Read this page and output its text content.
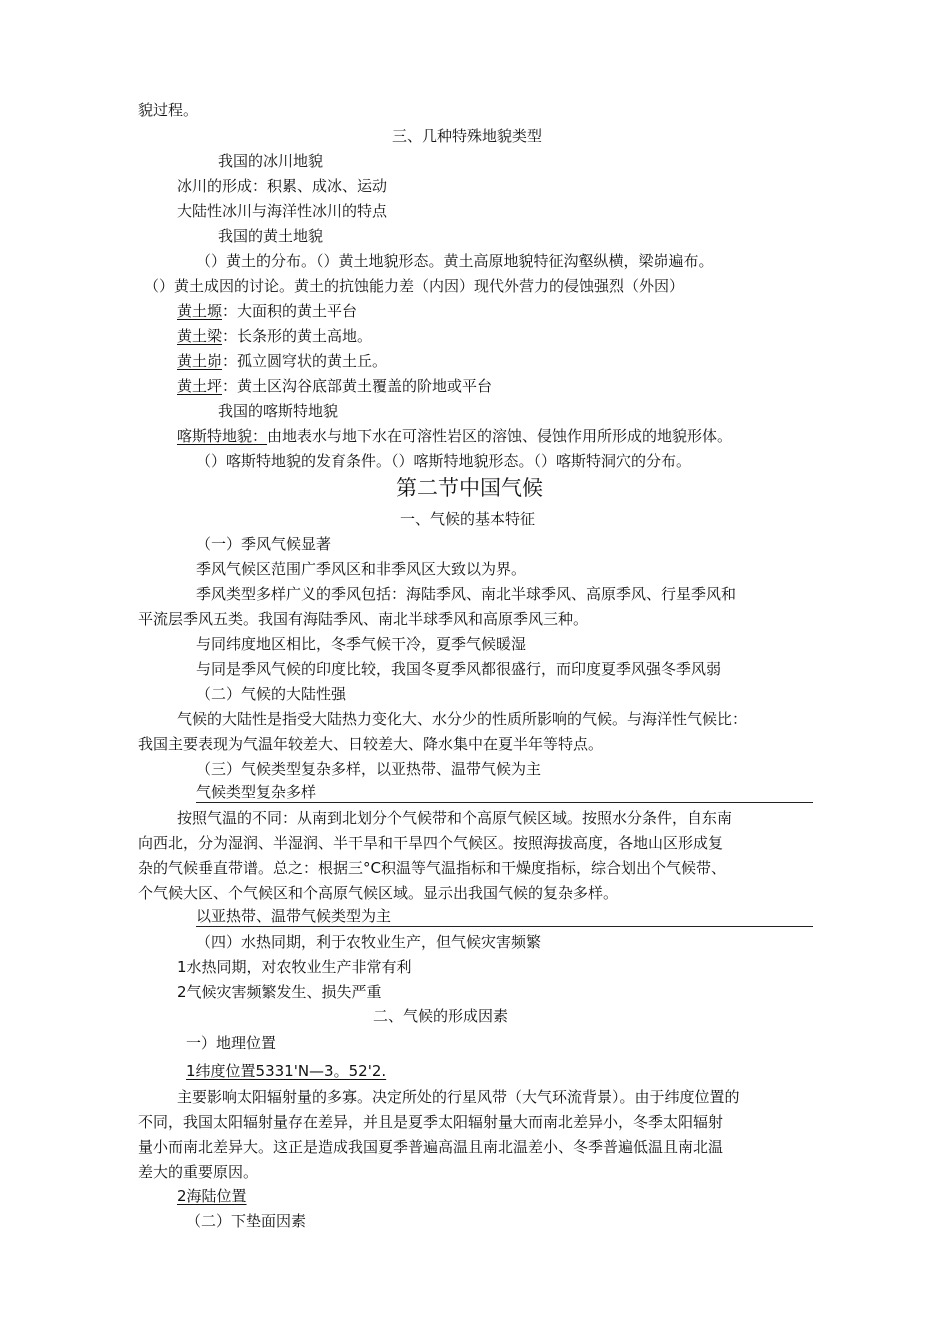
貌过程。
三、几种特殊地貌类型
我国的冰川地貌
冰川的形成：积累、成冰、运动
大陆性冰川与海洋性冰川的特点
我国的黄土地貌
（）黄土的分布。（）黄土地貌形态。黄土高原地貌特征沟壑纵横，梁峁遍布。
（）黄土成因的讨论。黄土的抗蚀能力差（内因）现代外营力的侵蚀强烈（外因）
黄土塬：大面积的黄土平台
黄土梁：长条形的黄土高地。
黄土峁：孤立圆穹状的黄土丘。
黄土坪：黄土区沟谷底部黄土覆盖的阶地或平台
我国的喀斯特地貌
喀斯特地貌：由地表水与地下水在可溶性岩区的溶蚀、侵蚀作用所形成的地貌形体。
（）喀斯特地貌的发育条件。（）喀斯特地貌形态。（）喀斯特洞穴的分布。
第二节中国气候
一、气候的基本特征
（一）季风气候显著
季风气候区范围广季风区和非季风区大致以为界。
季风类型多样广义的季风包括：海陆季风、南北半球季风、高原季风、行星季风和
平流层季风五类。我国有海陆季风、南北半球季风和高原季风三种。
与同纬度地区相比，冬季气候干冷，夏季气候暖湿
与同是季风气候的印度比较，我国冬夏季风都很盛行，而印度夏季风强冬季风弱
（二）气候的大陆性强
气候的大陆性是指受大陆热力变化大、水分少的性质所影响的气候。与海洋性气候比：
我国主要表现为气温年较差大、日较差大、降水集中在夏半年等特点。
（三）气候类型复杂多样，以亚热带、温带气候为主
气候类型复杂多样
按照气温的不同：从南到北划分个气候带和个高原气候区域。按照水分条件，自东南
向西北，分为湿润、半湿润、半干旱和干旱四个气候区。按照海拔高度，各地山区形成复
杂的气候垂直带谱。总之：根据三°C积温等气温指标和干燥度指标，综合划出个气候带、
个气候大区、个气候区和个高原气候区域。显示出我国气候的复杂多样。
以亚热带、温带气候类型为主
（四）水热同期，利于农牧业生产，但气候灾害频繁
1水热同期，对农牧业生产非常有利
2气候灾害频繁发生、损失严重
二、气候的形成因素
一）地理位置
1纬度位置5331'N—3。52'2.
主要影响太阳辐射量的多寡。决定所处的行星风带（大气环流背景）。由于纬度位置的
不同，我国太阳辐射量存在差异，并且是夏季太阳辐射量大而南北差异小，冬季太阳辐射
量小而南北差异大。这正是造成我国夏季普遍高温且南北温差小、冬季普遍低温且南北温
差大的重要原因。
2海陆位置
（二）下垫面因素
